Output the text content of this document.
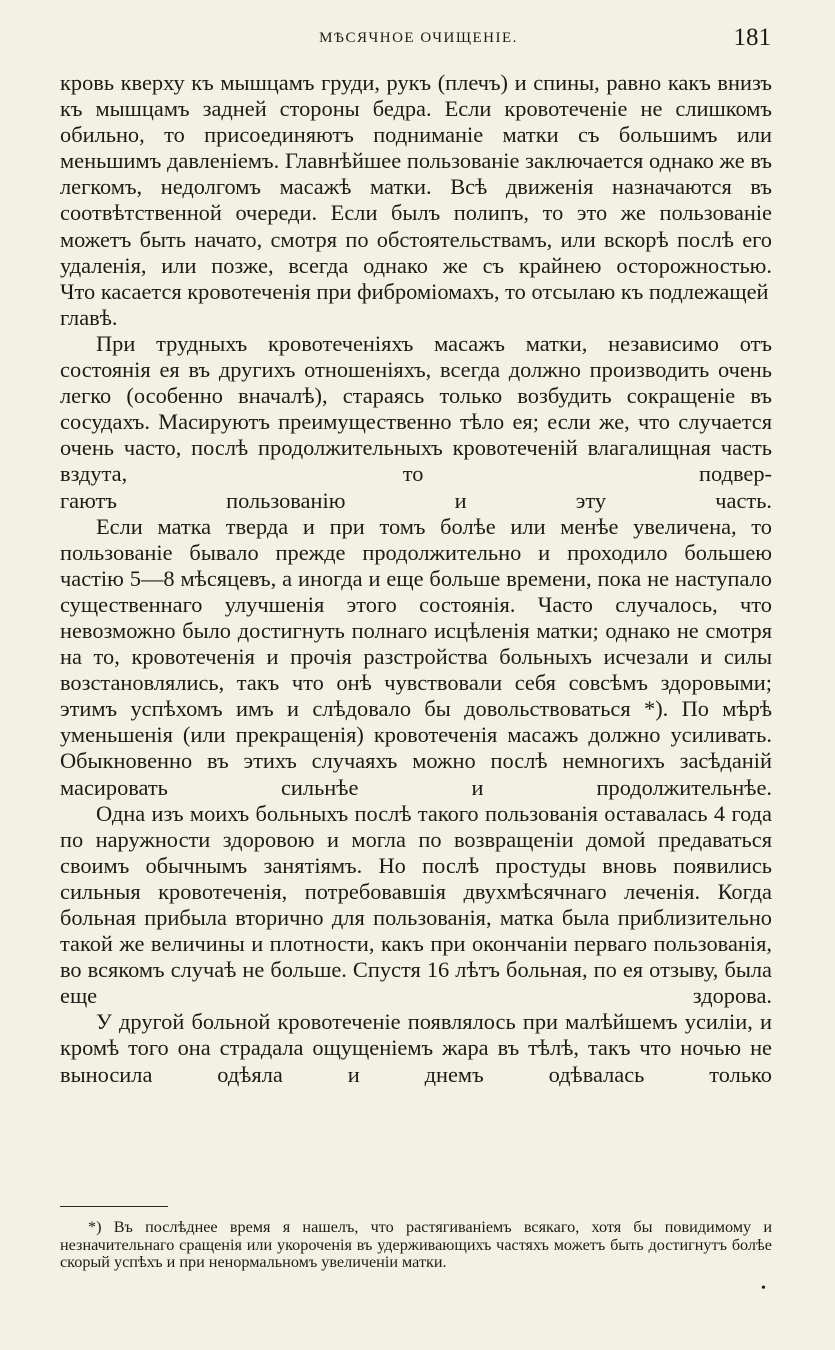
МѢСЯЧНОЕ ОЧИЩЕНІЕ.	181

кровь кверху къ мышцамъ груди, рукъ (плечъ) и спины, равно какъ внизъ къ мышцамъ задней стороны бедра. Если кровотеченіе не слишкомъ обильно, то присоединяютъ подниманіе матки съ большимъ или меньшимъ давленіемъ. Главнѣйшее пользованіе заключается однако же въ легкомъ, недолгомъ масажѣ матки. Всѣ движенія назначаются въ соотвѣтственной очереди. Если былъ полипъ, то это же пользованіе можетъ быть начато, смотря по обстоятельствамъ, или вскорѣ послѣ его удаленія, или позже, всегда однако же съ крайнею осторожностью.
Что касается кровотеченія при фиброміомахъ, то отсылаю къ подлежащей главѣ.

При трудныхъ кровотеченіяхъ масажъ матки, независимо отъ состоянія ея въ другихъ отношеніяхъ, всегда должно производить очень легко (особенно вначалѣ), стараясь только возбудить сокращеніе въ сосудахъ. Масируютъ преимущественно тѣло ея; если же, что случается очень часто, послѣ продолжительныхъ кровотеченій влагалищная часть вздута, то подвер-
гаютъ пользованію и эту часть.

Если матка тверда и при томъ болѣе или менѣе увеличена, то пользованіе бывало прежде продолжительно и проходило большею частію 5—8 мѣсяцевъ, а иногда и еще больше времени, пока не наступало существеннаго улучшенія этого состоянія. Часто случалось, что невозможно было достигнуть полнаго исцѣленія матки; однако не смотря на то, кровотеченія и прочія разстройства больныхъ исчезали и силы возстановлялись, такъ что онѣ чувствовали себя совсѣмъ здоровыми; этимъ успѣхомъ имъ и слѣдовало бы довольствоваться *). По мѣрѣ уменьшенія (или прекращенія) кровотеченія масажъ должно усиливать. Обыкновенно въ этихъ случаяхъ можно послѣ немногихъ засѣданій
масировать сильнѣе и продолжительнѣе.

Одна изъ моихъ больныхъ послѣ такого пользованія оставалась 4 года по наружности здоровою и могла по возвращеніи домой предаваться своимъ обычнымъ занятіямъ. Но послѣ простуды вновь появились сильныя кровотеченія, потребовавшія двухмѣсячнаго леченія. Когда больная прибыла вторично для пользованія, матка была приблизительно такой же величины и плотности, какъ при окончаніи перваго пользованія, во всякомъ случаѣ не больше. Спустя 16 лѣтъ больная, по ея отзыву, была
еще здорова.

У другой больной кровотеченіе появлялось при малѣйшемъ усиліи, и кромѣ того она страдала ощущеніемъ жара въ тѣлѣ, такъ что ночью не выносила одѣяла и днемъ одѣвалась только

*) Въ послѣднее время я нашелъ, что растягиваніемъ всякаго, хотя бы повидимому и незначительнаго сращенія или укороченія въ удерживающихъ частяхъ можетъ быть достигнутъ болѣе скорый успѣхъ и при ненормальномъ увеличеніи матки.
•
